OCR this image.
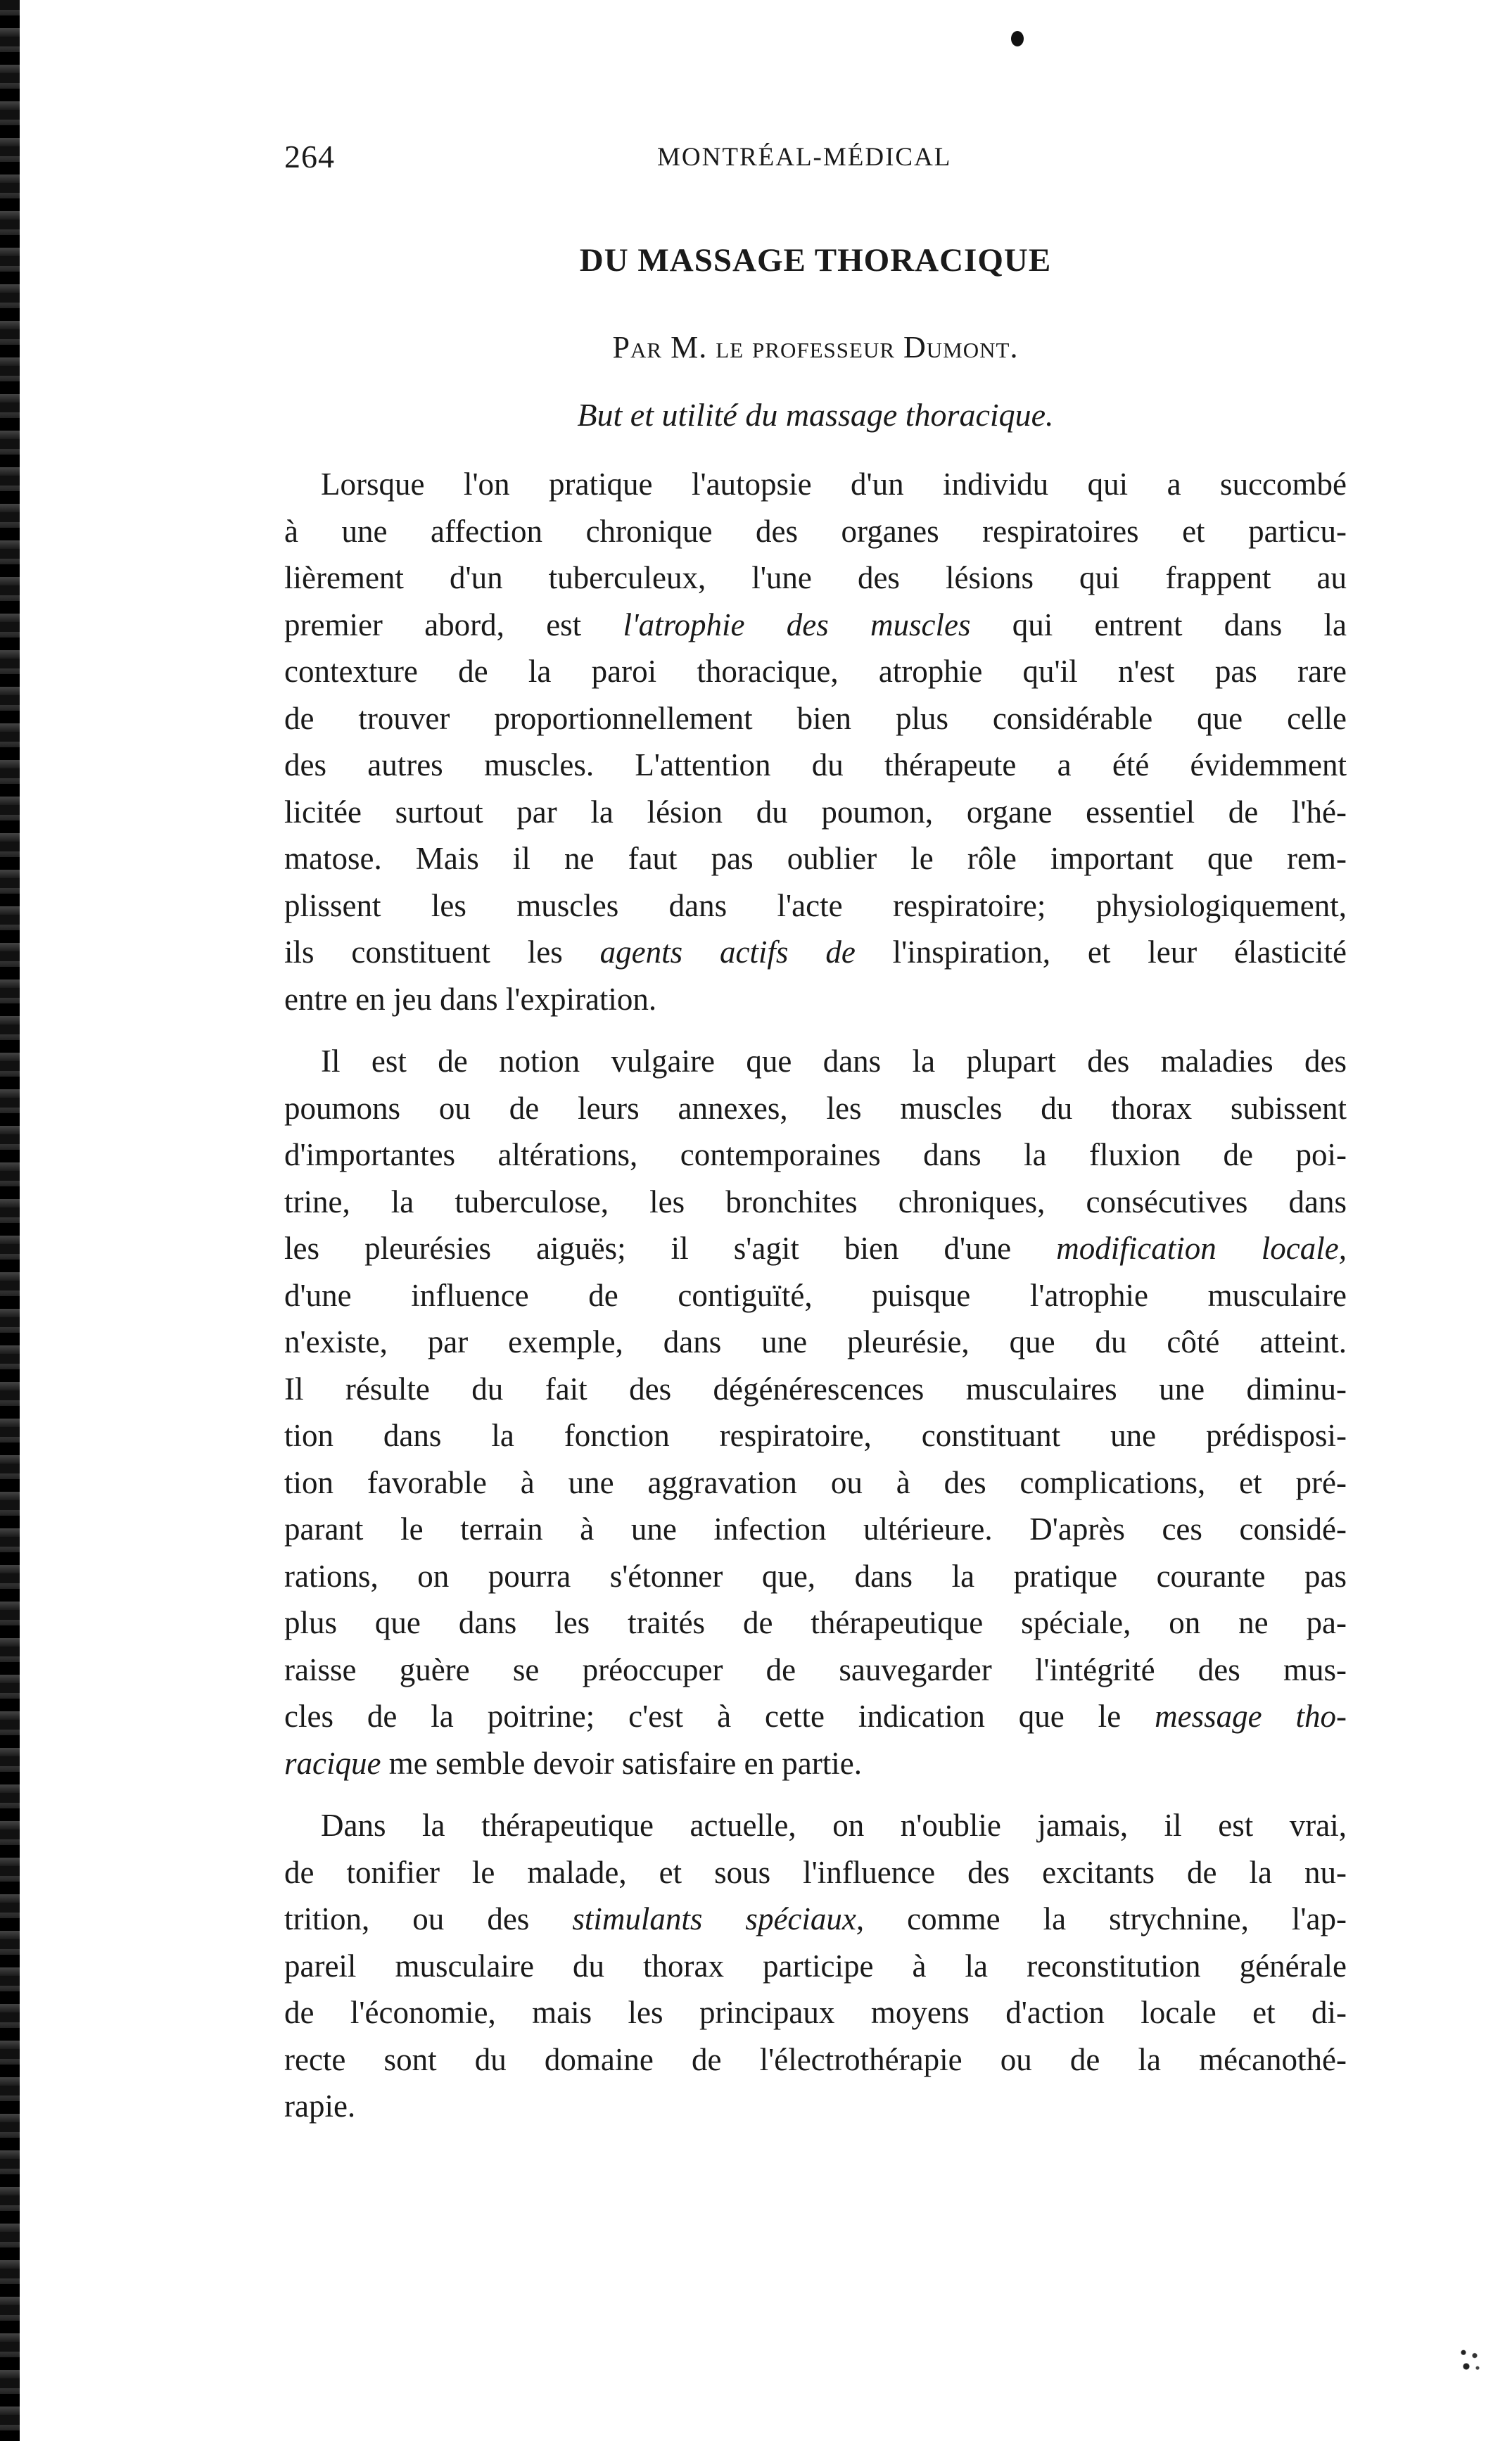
264	MONTRÉAL-MÉDICAL
DU MASSAGE THORACIQUE

Par M. le professeur Dumont.

But et utilité du massage thoracique.

Lorsque l'on pratique l'autopsie d'un individu qui a succombé
à une affection chronique des organes respiratoires et particu-
lièrement d'un tuberculeux, l'une des lésions qui frappent au
premier abord, est l'atrophie des muscles qui entrent dans la
contexture de la paroi thoracique, atrophie qu'il n'est pas rare
de trouver proportionnellement bien plus considérable que celle
des autres muscles. L'attention du thérapeute a été évidemment
licitée surtout par la lésion du poumon, organe essentiel de l'hé-
matose. Mais il ne faut pas oublier le rôle important que rem-
plissent les muscles dans l'acte respiratoire; physiologiquement,
ils constituent les agents actifs de l'inspiration, et leur élasticité
entre en jeu dans l'expiration.

Il est de notion vulgaire que dans la plupart des maladies des
poumons ou de leurs annexes, les muscles du thorax subissent
d'importantes altérations, contemporaines dans la fluxion de poi-
trine, la tuberculose, les bronchites chroniques, consécutives dans
les pleurésies aiguës; il s'agit bien d'une modification locale,
d'une influence de contiguïté, puisque l'atrophie musculaire
n'existe, par exemple, dans une pleurésie, que du côté atteint.
Il résulte du fait des dégénérescences musculaires une diminu-
tion dans la fonction respiratoire, constituant une prédisposi-
tion favorable à une aggravation ou à des complications, et pré-
parant le terrain à une infection ultérieure. D'après ces considé-
rations, on pourra s'étonner que, dans la pratique courante pas
plus que dans les traités de thérapeutique spéciale, on ne pa-
raisse guère se préoccuper de sauvegarder l'intégrité des mus-
cles de la poitrine; c'est à cette indication que le message tho-
racique me semble devoir satisfaire en partie.

Dans la thérapeutique actuelle, on n'oublie jamais, il est vrai,
de tonifier le malade, et sous l'influence des excitants de la nu-
trition, ou des stimulants spéciaux, comme la strychnine, l'ap-
pareil musculaire du thorax participe à la reconstitution générale
de l'économie, mais les principaux moyens d'action locale et di-
recte sont du domaine de l'électrothérapie ou de la mécanothé-
rapie.
